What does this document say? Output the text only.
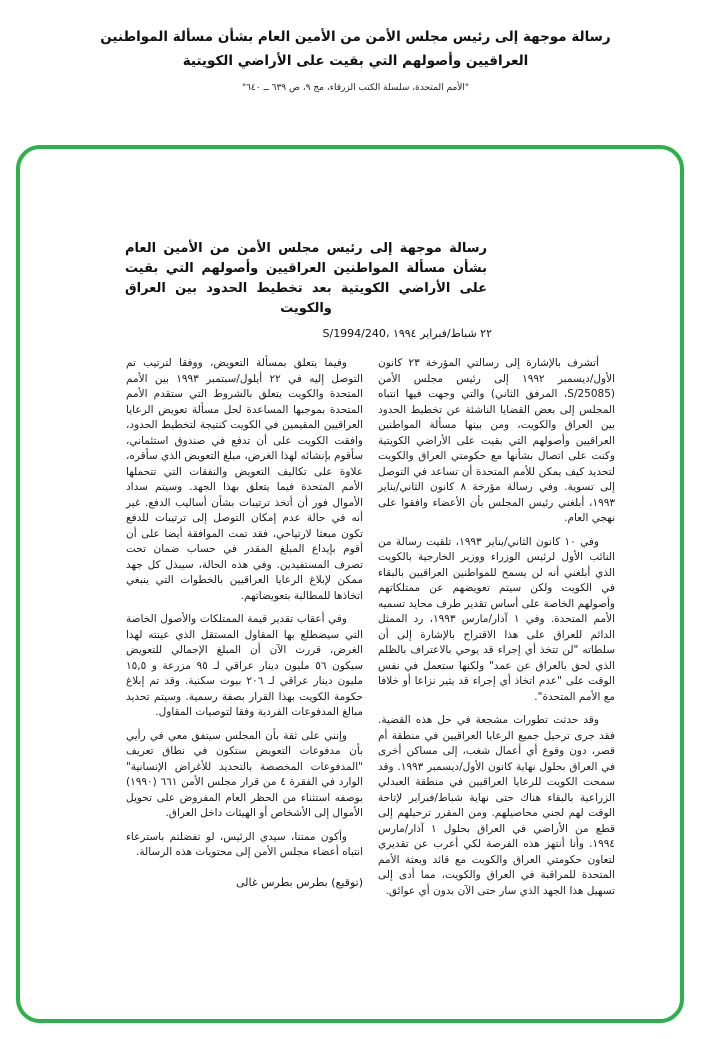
رسالة موجهة إلى رئيس مجلس الأمن من الأمين العام بشأن مسألة المواطنين
العراقيين وأصولهم التي بقيت على الأراضي الكويتية
"الأمم المتحدة، سلسلة الكتب الزرقاء، مج ٩، ص ٦٣٩ ــ ٦٤٠"
رسالة موجهة إلى رئيس مجلس الأمن من الأمين العام بشأن مسألة المواطنين العراقيين وأصولهم التي بقيت على الأراضي الكويتية بعد تخطيط الحدود بين العراق والكويت
S/1994/240، ٢٢ شباط/فبراير ١٩٩٤

أتشرف بالإشارة إلى رسالتي المؤرخة ٢٣ كانون الأول/ديسمبر ١٩٩٢ إلى رئيس مجلس الأمن (S/25085، المرفق الثاني) والتي وجهت فيها انتباه المجلس إلى بعض القضايا الناشئة عن تخطيط الحدود بين العراق والكويت، ومن بينها مسألة المواطنين العراقيين وأصولهم التي بقيت على الأراضي الكويتية وكنت على اتصال بشأنها مع حكومتي العراق والكويت لتحديد كيف يمكن للأمم المتحدة أن تساعد في التوصل إلى تسوية. وفي رسالة مؤرخة ٨ كانون الثاني/يناير ١٩٩٣، أبلغني رئيس المجلس بأن الأعضاء وافقوا على نهجي العام.

وفي ١٠ كانون الثاني/يناير ١٩٩٣، تلقيت رسالة من النائب الأول لرئيس الوزراء ووزير الخارجية بالكويت الذي أبلغني أنه لن يسمح للمواطنين العراقيين بالبقاء في الكويت ولكن سيتم تعويضهم عن ممتلكاتهم وأصولهم الخاصة على أساس تقدير طرف محايد تسميه الأمم المتحدة. وفي ١ آذار/مارس ١٩٩٣، رد الممثل الدائم للعراق على هذا الاقتراح بالإشارة إلى أن سلطاته "لن تتخذ أي إجراء قد يوحي بالاعتراف بالظلم الذي لحق بالعراق عن عمد" ولكنها ستعمل في نفس الوقت على "عدم اتخاذ أي إجراء قد يثير نزاعا أو خلافا مع الأمم المتحدة".

وقد حدثت تطورات مشجعة في حل هذه القضية. فقد جرى ترحيل جميع الرعايا العراقيين في منطقة أم قصر، دون وقوع أي أعمال شغب، إلى مساكن أخرى في العراق بحلول نهاية كانون الأول/ديسمبر ١٩٩٣. وقد سمحت الكويت للرعايا العراقيين في منطقة العبدلي الزراعية بالبقاء هناك حتى نهاية شباط/فبراير لإتاحة الوقت لهم لجني محاصيلهم. ومن المقرر ترحيلهم إلى قطع من الأراضي في العراق بحلول ١ آذار/مارس ١٩٩٤. وأنا أنتهز هذه الفرصة لكي أعرب عن تقديري لتعاون حكومتي العراق والكويت مع قائد وبعثة الأمم المتحدة للمراقبة في العراق والكويت، مما أدى إلى تسهيل هذا الجهد الذي سار حتى الآن بدون أي عوائق.

وفيما يتعلق بمسألة التعويض، ووفقا لترتيب تم التوصل إليه في ٢٢ أيلول/سبتمبر ١٩٩٣ بين الأمم المتحدة والكويت يتعلق بالشروط التي ستقدم الأمم المتحدة بموجبها المساعدة لحل مسألة تعويض الرعايا العراقيين المقيمين في الكويت كنتيجة لتخطيط الحدود، وافقت الكويت على أن تدفع في صندوق استئماني، سأقوم بإنشائه لهذا الغرض، مبلغ التعويض الذي سأقره، علاوة على تكاليف التعويض والنفقات التي تتحملها الأمم المتحدة فيما يتعلق بهذا الجهد. وسيتم سداد الأموال فور أن أتخذ ترتيبات بشأن أساليب الدفع. غير أنه في حالة عدم إمكان التوصل إلى ترتيبات للدفع تكون مبعثا لارتياحي، فقد تمت الموافقة أيضا على أن أقوم بإيداع المبلغ المقدر في حساب ضمان تحت تصرف المستفيدين. وفي هذه الحالة، سيبذل كل جهد ممكن لإبلاغ الرعايا العراقيين بالخطوات التي ينبغي اتخاذها للمطالبة بتعويضاتهم.

وفي أعقاب تقدير قيمة الممتلكات والأصول الخاصة التي سيضطلع بها المقاول المستقل الذي عينته لهذا الغرض، قررت الآن أن المبلغ الإجمالي للتعويض سيكون ٥٦ مليون دينار عراقي لـ ٩٥ مزرعة و ١٥,٥ مليون دينار عراقي لـ ٢٠٦ بيوت سكنية. وقد تم إبلاغ حكومة الكويت بهذا القرار بصفة رسمية. وسيتم تحديد مبالغ المدفوعات الفردية وفقا لتوصيات المقاول.

وإنني على ثقة بأن المجلس سيتفق معي في رأيي بأن مدفوعات التعويض ستكون في نطاق تعريف "المدفوعات المخصصة بالتحديد للأغراض الإنسانية" الوارد في الفقرة ٤ من قرار مجلس الأمن ٦٦١ (١٩٩٠) بوصفه استثناء من الحظر العام المفروض على تحويل الأموال إلى الأشخاص أو الهيئات داخل العراق.

وأكون ممتنا، سيدي الرئيس، لو تفضلتم باسترعاء انتباه أعضاء مجلس الأمن إلى محتويات هذه الرسالة.

(توقيع) بطرس بطرس غالى
